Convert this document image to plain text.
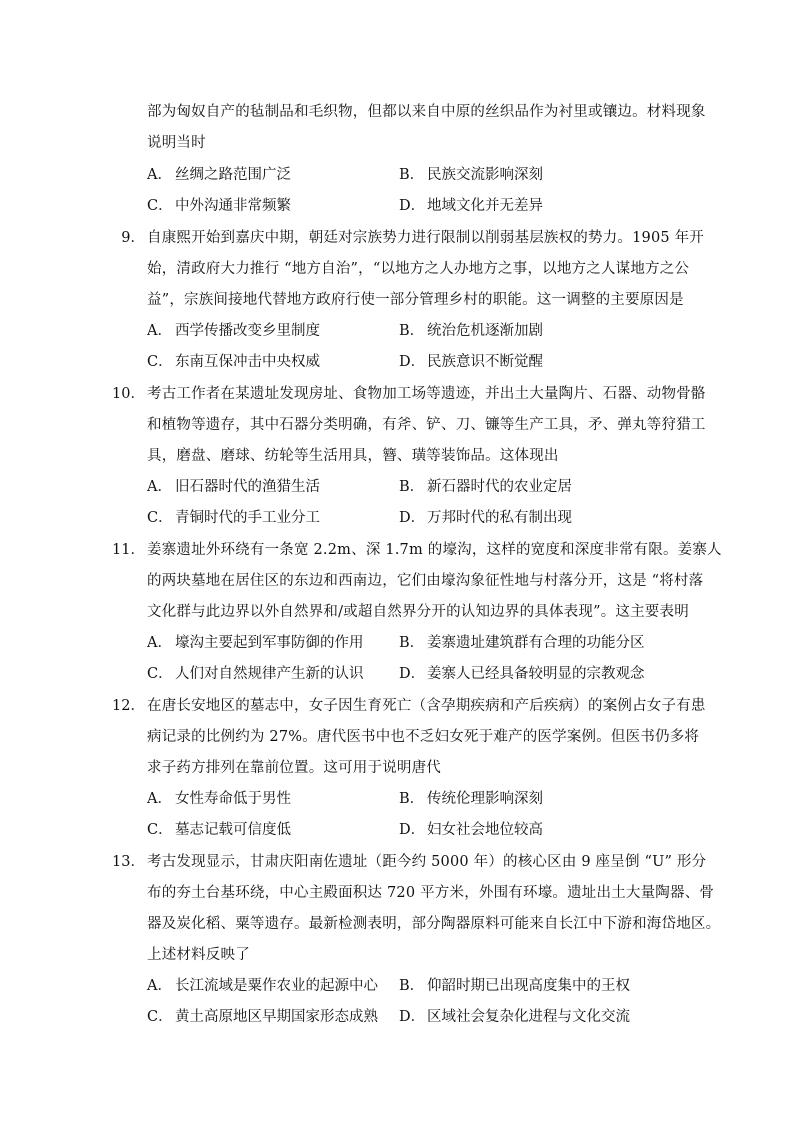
部为匈奴自产的毡制品和毛织物，但都以来自中原的丝织品作为衬里或镶边。材料现象
说明当时
A． 丝绸之路范围广泛	B． 民族交流影响深刻
C． 中外沟通非常频繁	D． 地域文化并无差异
9． 自康熙开始到嘉庆中期，朝廷对宗族势力进行限制以削弱基层族权的势力。1905 年开
始，清政府大力推行 “地方自治”，“以地方之人办地方之事，以地方之人谋地方之公
益”，宗族间接地代替地方政府行使一部分管理乡村的职能。这一调整的主要原因是
A． 西学传播改变乡里制度	B． 统治危机逐渐加剧
C． 东南互保冲击中央权威	D． 民族意识不断觉醒
10． 考古工作者在某遗址发现房址、食物加工场等遗迹，并出土大量陶片、石器、动物骨骼
和植物等遗存，其中石器分类明确，有斧、铲、刀、镰等生产工具，矛、弹丸等狩猎工
具，磨盘、磨球、纺轮等生活用具，簪、璜等装饰品。这体现出
A． 旧石器时代的渔猎生活	B． 新石器时代的农业定居
C． 青铜时代的手工业分工	D． 万邦时代的私有制出现
11． 姜寨遗址外环绕有一条宽 2.2m、深 1.7m 的壕沟，这样的宽度和深度非常有限。姜寨人
的两块墓地在居住区的东边和西南边，它们由壕沟象征性地与村落分开，这是 “将村落
文化群与此边界以外自然界和/或超自然界分开的认知边界的具体表现”。这主要表明
A． 壕沟主要起到军事防御的作用 B． 姜寨遗址建筑群有合理的功能分区
C． 人们对自然规律产生新的认识 D． 姜寨人已经具备较明显的宗教观念
12． 在唐长安地区的墓志中，女子因生育死亡（含孕期疾病和产后疾病）的案例占女子有患
病记录的比例约为 27%。唐代医书中也不乏妇女死于难产的医学案例。但医书仍多将
求子药方排列在靠前位置。这可用于说明唐代
A． 女性寿命低于男性	B． 传统伦理影响深刻
C． 墓志记载可信度低	D． 妇女社会地位较高
13． 考古发现显示，甘肃庆阳南佐遗址（距今约 5000 年）的核心区由 9 座呈倒 “U” 形分
布的夯土台基环绕，中心主殿面积达 720 平方米，外围有环壕。遗址出土大量陶器、骨
器及炭化稻、粟等遗存。最新检测表明，部分陶器原料可能来自长江中下游和海岱地区。
上述材料反映了
A． 长江流域是粟作农业的起源中心 B． 仰韶时期已出现高度集中的王权
C． 黄土高原地区早期国家形态成熟 D． 区域社会复杂化进程与文化交流
